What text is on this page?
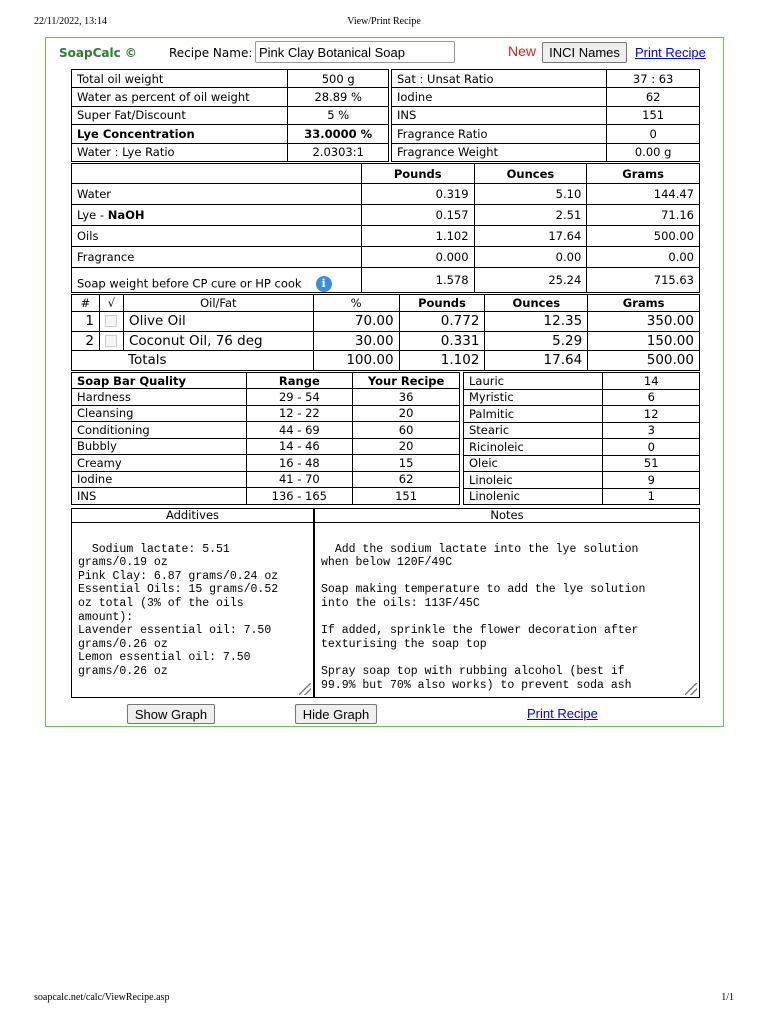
22/11/2022, 13:14	View/Print Recipe
soapcalc.net/calc/ViewRecipe.asp	1/1
SoapCalc ©	Recipe Name:
Pink Clay Botanical Soap	New	INCI Names	Print Recipe
Total oil weight	500 g
Water as percent of oil weight	28.89 %
Super Fat/Discount	5 %
Lye Concentration	33.0000 %
Water : Lye Ratio	2.0303:1
Sat : Unsat Ratio	37 : 63
Iodine	62
INS	151
Fragrance Ratio	0
Fragrance Weight	0.00 g
	Pounds	Ounces	Grams
Water	0.319	5.10	144.47
Lye - NaOH	0.157	2.51	71.16
Oils	1.102	17.64	500.00
Fragrance	0.000	0.00	0.00
Soap weight before CP cure or HP cook i	1.578	25.24	715.63
#	√	Oil/Fat	%	Pounds	Ounces	Grams
1		Olive Oil	70.00	0.772	12.35	350.00
2		Coconut Oil, 76 deg	30.00	0.331	5.29	150.00
Totals			100.00	1.102	17.64	500.00
Soap Bar Quality	Range	Your Recipe
Hardness	29 - 54	36
Cleansing	12 - 22	20
Conditioning	44 - 69	60
Bubbly	14 - 46	20
Creamy	16 - 48	15
Iodine	41 - 70	62
INS	136 - 165	151
Lauric	14
Myristic	6
Palmitic	12
Stearic	3
Ricinoleic	0
Oleic	51
Linoleic	9
Linolenic	1
Additives	Notes

Sodium lactate: 5.51
grams/0.19 oz
Pink Clay: 6.87 grams/0.24 oz
Essential Oils: 15 grams/0.52
oz total (3% of the oils
amount):
Lavender essential oil: 7.50
grams/0.26 oz
Lemon essential oil: 7.50
grams/0.26 oz

Add the sodium lactate into the lye solution
when below 120F/49C

Soap making temperature to add the lye solution
into the oils: 113F/45C

If added, sprinkle the flower decoration after
texturising the soap top

Spray soap top with rubbing alcohol (best if
99.9% but 70% also works) to prevent soda ash

Show Graph	Hide Graph	Print Recipe
